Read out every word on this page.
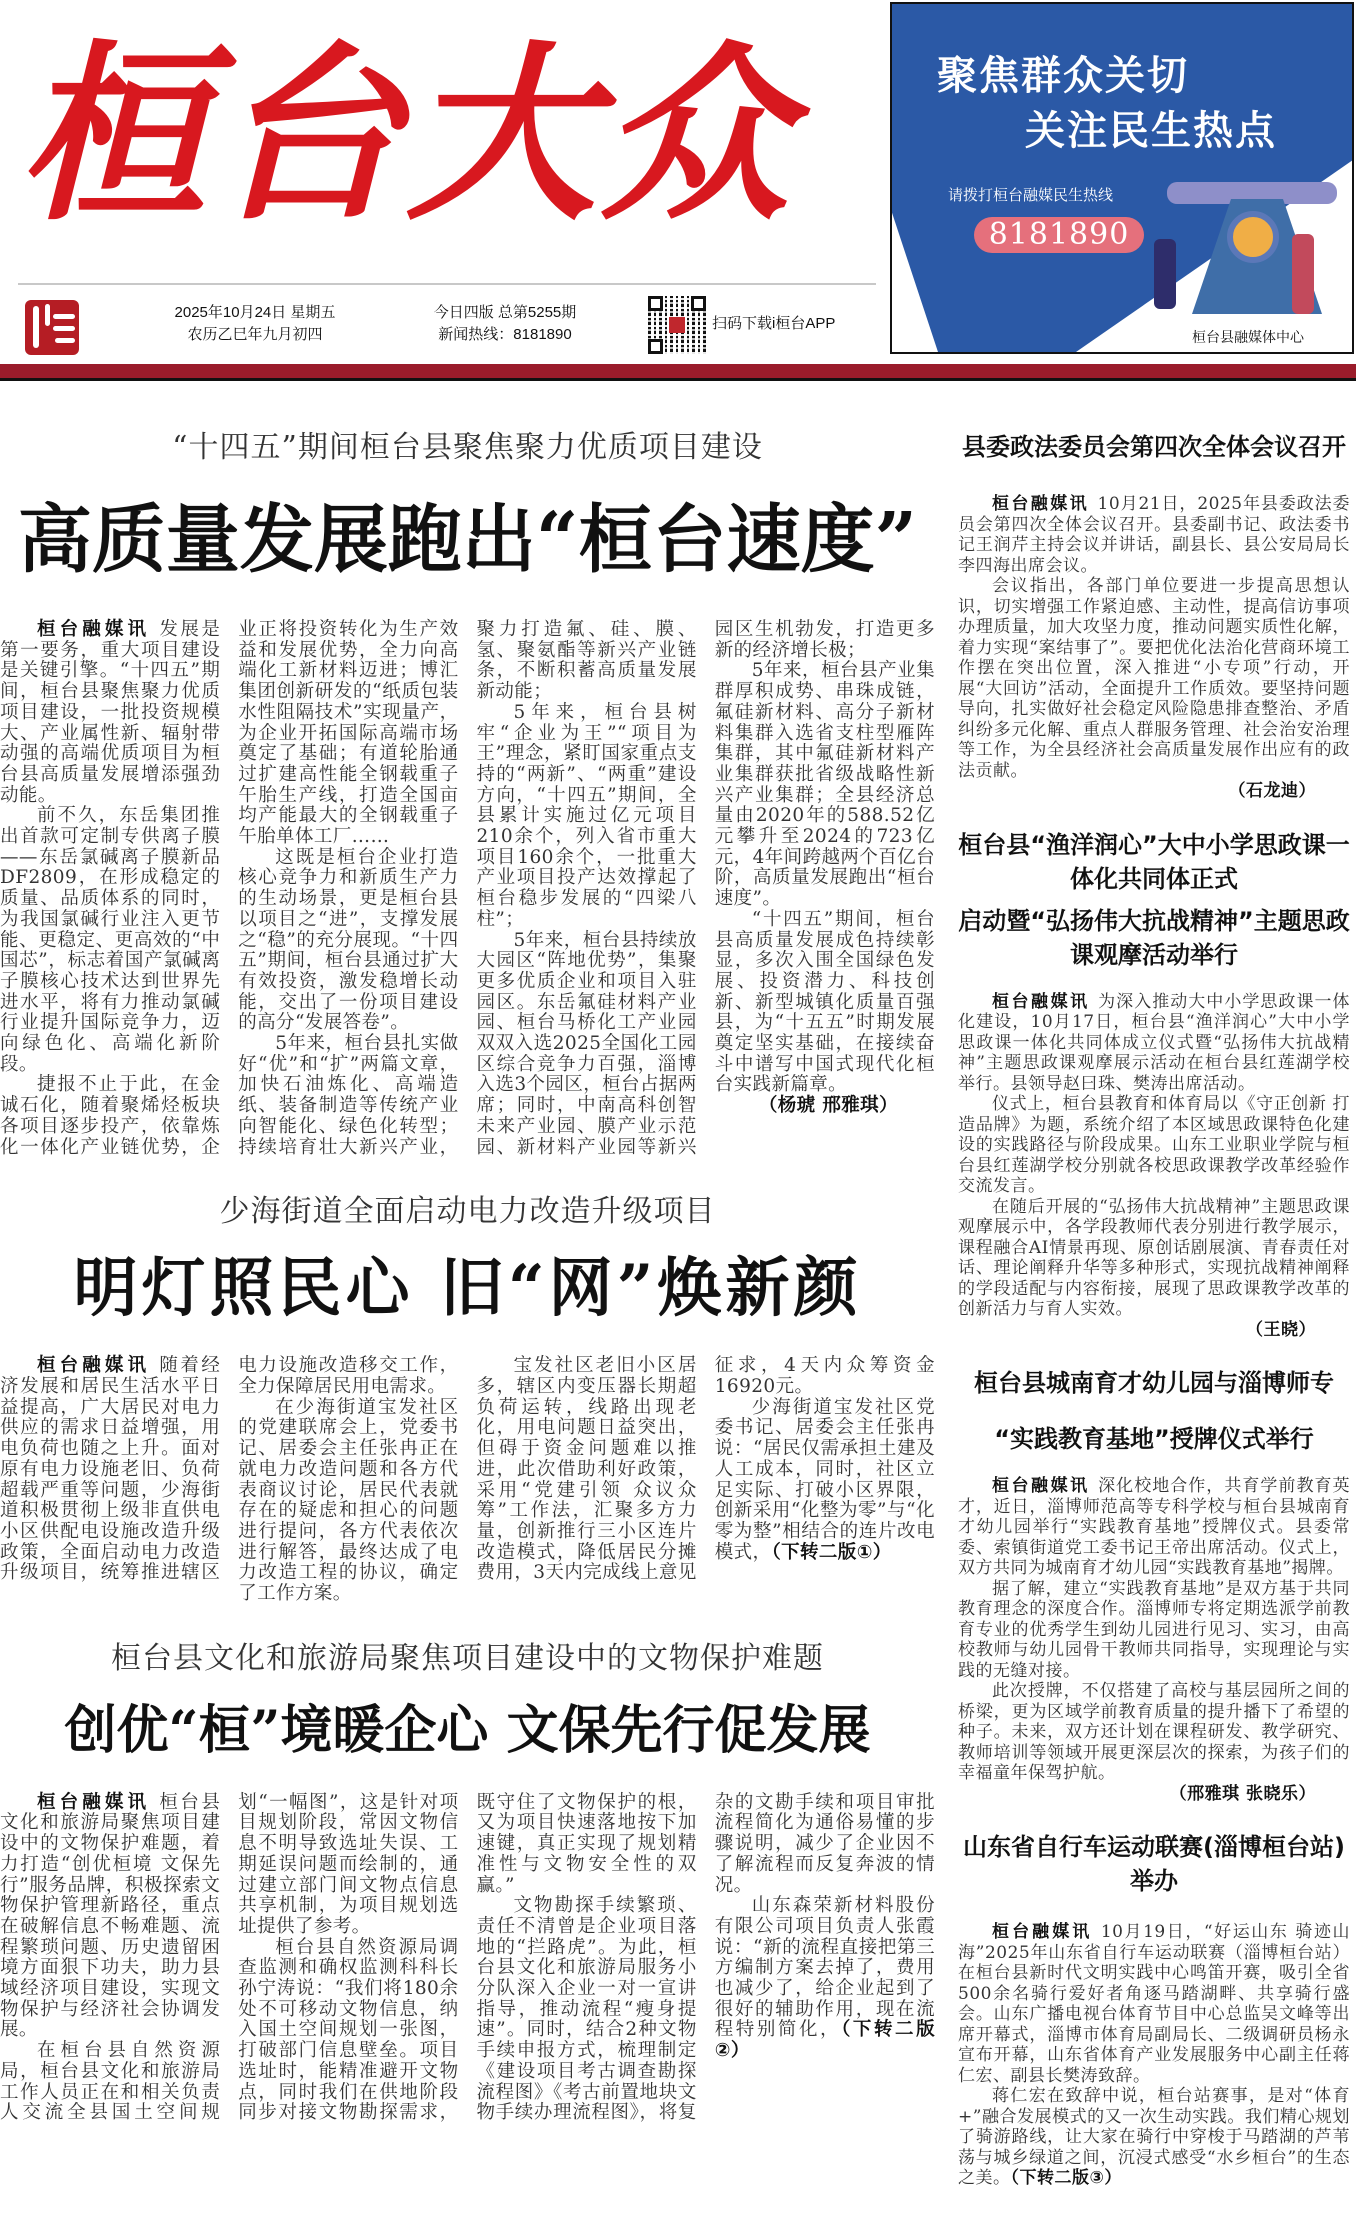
桓台大众
2025年10月24日 星期五
农历乙巳年九月初四
今日四版 总第5255期
新闻热线：8181890
扫码下载i桓台APP
聚焦群众关切
关注民生热点
请拨打桓台融媒民生热线
8181890
桓台县融媒体中心
“十四五”期间桓台县聚焦聚力优质项目建设
高质量发展跑出“桓台速度”

桓台融媒讯 发展是第一要务，重大项目建设是关键引擎。“十四五”期间，桓台县聚焦聚力优质项目建设，一批投资规模大、产业属性新、辐射带动强的高端优质项目为桓台县高质量发展增添强劲动能。

前不久，东岳集团推出首款可定制专供离子膜——东岳氯碱离子膜新品DF2809，在形成稳定的质量、品质体系的同时，为我国氯碱行业注入更节能、更稳定、更高效的“中国芯”，标志着国产氯碱离子膜核心技术达到世界先进水平，将有力推动氯碱行业提升国际竞争力，迈向绿色化、高端化新阶段。

捷报不止于此，在金诚石化，随着聚烯烃板块各项目逐步投产，依靠炼化一体化产业链优势，企业正将投资转化为生产效益和发展优势，全力向高端化工新材料迈进；博汇集团创新研发的“纸质包装水性阻隔技术”实现量产，为企业开拓国际高端市场奠定了基础；有道轮胎通过扩建高性能全钢载重子午胎生产线，打造全国亩均产能最大的全钢载重子午胎单体工厂……

这既是桓台企业打造核心竞争力和新质生产力的生动场景，更是桓台县以项目之“进”，支撑发展之“稳”的充分展现。“十四五”期间，桓台县通过扩大有效投资，激发稳增长动能，交出了一份项目建设的高分“发展答卷”。

5年来，桓台县扎实做好“优”和“扩”两篇文章，加快石油炼化、高端造纸、装备制造等传统产业向智能化、绿色化转型；持续培育壮大新兴产业，聚力打造氟、硅、膜、氢、聚氨酯等新兴产业链条，不断积蓄高质量发展新动能；

5年来，桓台县树牢“企业为王”“项目为王”理念，紧盯国家重点支持的“两新”、“两重”建设方向，“十四五”期间，全县累计实施过亿元项目210余个，列入省市重大项目160余个，一批重大产业项目投产达效撑起了桓台稳步发展的“四梁八柱”；

5年来，桓台县持续放大园区“阵地优势”，集聚更多优质企业和项目入驻园区。东岳氟硅材料产业园、桓台马桥化工产业园双双入选2025全国化工园区综合竞争力百强，淄博入选3个园区，桓台占据两席；同时，中南高科创智未来产业园、膜产业示范园、新材料产业园等新兴园区生机勃发，打造更多新的经济增长极；

5年来，桓台县产业集群厚积成势、串珠成链，氟硅新材料、高分子新材料集群入选省支柱型雁阵集群，其中氟硅新材料产业集群获批省级战略性新兴产业集群；全县经济总量由2020年的588.52亿元攀升至2024的723亿元，4年间跨越两个百亿台阶，高质量发展跑出“桓台速度”。

“十四五”期间，桓台县高质量发展成色持续彰显，多次入围全国绿色发展、投资潜力、科技创新、新型城镇化质量百强县，为“十五五”时期发展奠定坚实基础，在接续奋斗中谱写中国式现代化桓台实践新篇章。

（杨琥 邢雅琪）

少海街道全面启动电力改造升级项目
明灯照民心 旧“网”焕新颜

桓台融媒讯 随着经济发展和居民生活水平日益提高，广大居民对电力供应的需求日益增强，用电负荷也随之上升。面对原有电力设施老旧、负荷超载严重等问题，少海街道积极贯彻上级非直供电小区供配电设施改造升级政策，全面启动电力改造升级项目，统筹推进辖区电力设施改造移交工作，全力保障居民用电需求。

在少海街道宝发社区的党建联席会上，党委书记、居委会主任张冉正在就电力改造问题和各方代表商议讨论，居民代表就存在的疑虑和担心的问题进行提问，各方代表依次进行解答，最终达成了电力改造工程的协议，确定了工作方案。

宝发社区老旧小区居多，辖区内变压器长期超负荷运转，线路出现老化，用电问题日益突出，但碍于资金问题难以推进，此次借助利好政策，采用“党建引领 众议众筹”工作法，汇聚多方力量，创新推行三小区连片改造模式，降低居民分摊费用，3天内完成线上意见征求，4天内众筹资金16920元。

少海街道宝发社区党委书记、居委会主任张冉说：“居民仅需承担土建及人工成本，同时，社区立足实际、打破小区界限，创新采用“化整为零”与“化零为整”相结合的连片改电模式，（下转二版①）

桓台县文化和旅游局聚焦项目建设中的文物保护难题
创优“桓”境暖企心 文保先行促发展

桓台融媒讯 桓台县文化和旅游局聚焦项目建设中的文物保护难题，着力打造“创优桓境 文保先行”服务品牌，积极探索文物保护管理新路径，重点在破解信息不畅难题、流程繁琐问题、历史遗留困境方面狠下功夫，助力县域经济项目建设，实现文物保护与经济社会协调发展。

在桓台县自然资源局，桓台县文化和旅游局工作人员正在和相关负责人交流全县国土空间规划“一幅图”，这是针对项目规划阶段，常因文物信息不明导致选址失误、工期延误问题而绘制的，通过建立部门间文物点信息共享机制，为项目规划选址提供了参考。

桓台县自然资源局调查监测和确权监测科科长孙宁涛说：“我们将180余处不可移动文物信息，纳入国土空间规划一张图，打破部门信息壁垒。项目选址时，能精准避开文物点，同时我们在供地阶段同步对接文物勘探需求，既守住了文物保护的根，又为项目快速落地按下加速键，真正实现了规划精准性与文物安全性的双赢。”

文物勘探手续繁琐、责任不清曾是企业项目落地的“拦路虎”。为此，桓台县文化和旅游局服务小分队深入企业一对一宣讲指导，推动流程“瘦身提速”。同时，结合2种文物手续申报方式，梳理制定《建设项目考古调查勘探流程图》《考古前置地块文物手续办理流程图》，将复杂的文勘手续和项目审批流程简化为通俗易懂的步骤说明，减少了企业因不了解流程而反复奔波的情况。

山东森荣新材料股份有限公司项目负责人张霞说：“新的流程直接把第三方编制方案去掉了，费用也减少了，给企业起到了很好的辅助作用，现在流程特别简化，（下转二版②）

县委政法委员会第四次全体会议召开

桓台融媒讯 10月21日，2025年县委政法委员会第四次全体会议召开。县委副书记、政法委书记王润芹主持会议并讲话，副县长、县公安局局长李四海出席会议。

会议指出，各部门单位要进一步提高思想认识，切实增强工作紧迫感、主动性，提高信访事项办理质量，加大攻坚力度，推动问题实质性化解，着力实现“案结事了”。要把优化法治化营商环境工作摆在突出位置，深入推进“小专项”行动，开展“大回访”活动，全面提升工作质效。要坚持问题导向，扎实做好社会稳定风险隐患排查整治、矛盾纠纷多元化解、重点人群服务管理、社会治安治理等工作，为全县经济社会高质量发展作出应有的政法贡献。

（石龙迪）

桓台县“渔洋润心”大中小学思政课一体化共同体正式
启动暨“弘扬伟大抗战精神”主题思政课观摩活动举行

桓台融媒讯 为深入推动大中小学思政课一体化建设，10月17日，桓台县“渔洋润心”大中小学思政课一体化共同体成立仪式暨“弘扬伟大抗战精神”主题思政课观摩展示活动在桓台县红莲湖学校举行。县领导赵曰珠、樊涛出席活动。

仪式上，桓台县教育和体育局以《守正创新 打造品牌》为题，系统介绍了本区域思政课特色化建设的实践路径与阶段成果。山东工业职业学院与桓台县红莲湖学校分别就各校思政课教学改革经验作交流发言。

在随后开展的“弘扬伟大抗战精神”主题思政课观摩展示中，各学段教师代表分别进行教学展示，课程融合AI情景再现、原创话剧展演、青春责任对话、理论阐释升华等多种形式，实现抗战精神阐释的学段适配与内容衔接，展现了思政课教学改革的创新活力与育人实效。

（王晓）

桓台县城南育才幼儿园与淄博师专
“实践教育基地”授牌仪式举行

桓台融媒讯 深化校地合作，共育学前教育英才，近日，淄博师范高等专科学校与桓台县城南育才幼儿园举行“实践教育基地”授牌仪式。县委常委、索镇街道党工委书记王帝出席活动。仪式上，双方共同为城南育才幼儿园“实践教育基地”揭牌。

据了解，建立“实践教育基地”是双方基于共同教育理念的深度合作。淄博师专将定期选派学前教育专业的优秀学生到幼儿园进行见习、实习，由高校教师与幼儿园骨干教师共同指导，实现理论与实践的无缝对接。

此次授牌，不仅搭建了高校与基层园所之间的桥梁，更为区域学前教育质量的提升播下了希望的种子。未来，双方还计划在课程研发、教学研究、教师培训等领域开展更深层次的探索，为孩子们的幸福童年保驾护航。

（邢雅琪 张晓乐）

山东省自行车运动联赛(淄博桓台站)举办

桓台融媒讯 10月19日，“好运山东 骑迹山海”2025年山东省自行车运动联赛（淄博桓台站）在桓台县新时代文明实践中心鸣笛开赛，吸引全省500余名骑行爱好者角逐马踏湖畔、共享骑行盛会。山东广播电视台体育节目中心总监吴文峰等出席开幕式，淄博市体育局副局长、二级调研员杨永宣布开幕，山东省体育产业发展服务中心副主任蒋仁宏、副县长樊涛致辞。

蒋仁宏在致辞中说，桓台站赛事，是对“体育+”融合发展模式的又一次生动实践。我们精心规划了骑游路线，让大家在骑行中穿梭于马踏湖的芦苇荡与城乡绿道之间，沉浸式感受“水乡桓台”的生态之美。（下转二版③）
